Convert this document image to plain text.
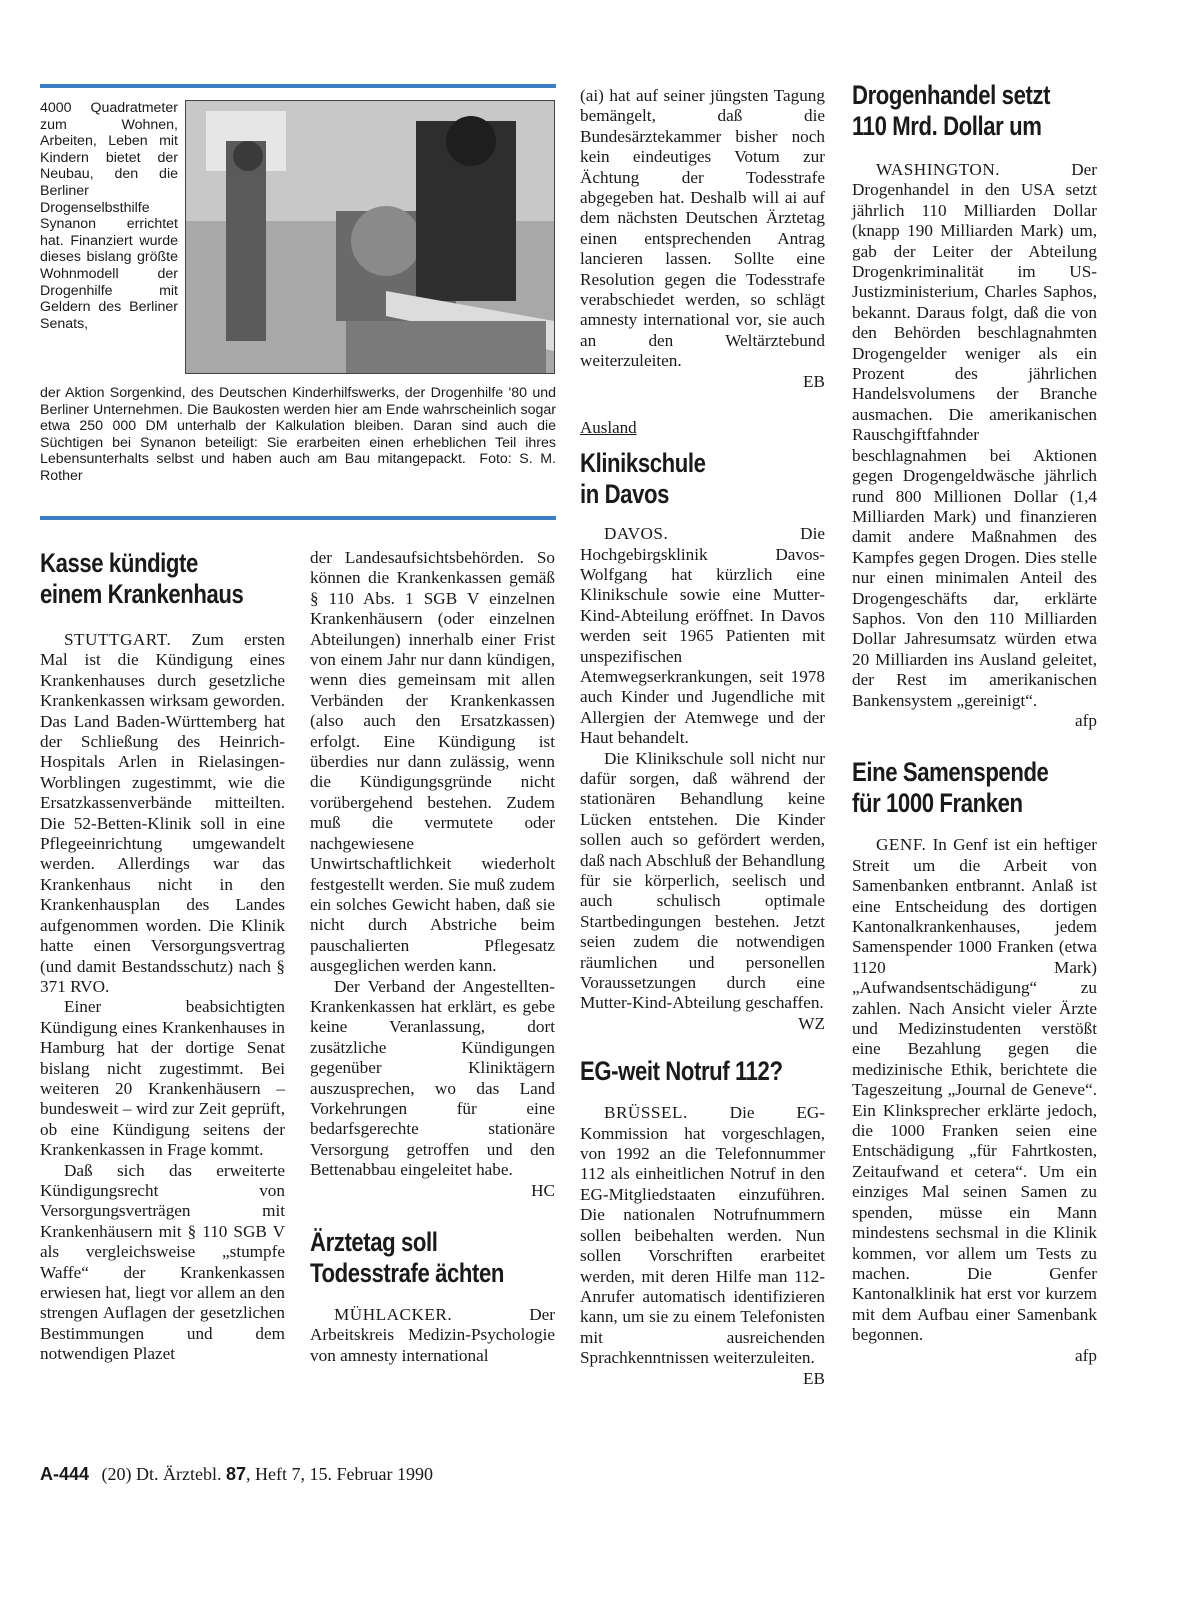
4000 Quadratmeter zum Wohnen, Arbeiten, Leben mit Kindern bietet der Neubau, den die Berliner Drogenselbsthilfe Synanon errichtet hat. Finanziert wurde dieses bislang größte Wohnmodell der Drogenhilfe mit Geldern des Berliner Senats,
der Aktion Sorgenkind, des Deutschen Kinderhilfswerks, der Drogenhilfe '80 und Berliner Unternehmen. Die Baukosten werden hier am Ende wahrscheinlich sogar etwa 250 000 DM unterhalb der Kalkulation bleiben. Daran sind auch die Süchtigen bei Synanon beteiligt: Sie erarbeiten einen erheblichen Teil ihres Lebensunterhalts selbst und haben auch am Bau mitangepackt. Foto: S. M. Rother
Kasse kündigte
einem Krankenhaus

STUTTGART. Zum ersten Mal ist die Kündigung eines Krankenhauses durch gesetzliche Krankenkassen wirksam geworden. Das Land Baden-Württemberg hat der Schließung des Heinrich-Hospitals Arlen in Rielasingen-Worblingen zugestimmt, wie die Ersatzkassenverbände mitteilten. Die 52-Betten-Klinik soll in eine Pflegeeinrichtung umgewandelt werden. Allerdings war das Krankenhaus nicht in den Krankenhausplan des Landes aufgenommen worden. Die Klinik hatte einen Versorgungsvertrag (und damit Bestandsschutz) nach § 371 RVO.

Einer beabsichtigten Kündigung eines Krankenhauses in Hamburg hat der dortige Senat bislang nicht zugestimmt. Bei weiteren 20 Krankenhäusern – bundesweit – wird zur Zeit geprüft, ob eine Kündigung seitens der Krankenkassen in Frage kommt.

Daß sich das erweiterte Kündigungsrecht von Versorgungsverträgen mit Krankenhäusern mit § 110 SGB V als vergleichsweise „stumpfe Waffe“ der Krankenkassen erwiesen hat, liegt vor allem an den strengen Auflagen der gesetzlichen Bestimmungen und dem notwendigen Plazet

der Landesaufsichtsbehörden. So können die Krankenkassen gemäß § 110 Abs. 1 SGB V einzelnen Krankenhäusern (oder einzelnen Abteilungen) innerhalb einer Frist von einem Jahr nur dann kündigen, wenn dies gemeinsam mit allen Verbänden der Krankenkassen (also auch den Ersatzkassen) erfolgt. Eine Kündigung ist überdies nur dann zulässig, wenn die Kündigungsgründe nicht vorübergehend bestehen. Zudem muß die vermutete oder nachgewiesene Unwirtschaftlichkeit wiederholt festgestellt werden. Sie muß zudem ein solches Gewicht haben, daß sie nicht durch Abstriche beim pauschalierten Pflegesatz ausgeglichen werden kann.

Der Verband der Angestellten-Krankenkassen hat erklärt, es gebe keine Veranlassung, dort zusätzliche Kündigungen gegenüber Kliniktägern auszusprechen, wo das Land Vorkehrungen für eine bedarfsgerechte stationäre Versorgung getroffen und den Bettenabbau eingeleitet habe.

HC
Ärztetag soll
Todesstrafe ächten

MÜHLACKER.	Der Arbeitskreis Medizin-Psychologie von amnesty international

(ai) hat auf seiner jüngsten Tagung bemängelt, daß die Bundesärztekammer bisher noch kein eindeutiges Votum zur Ächtung der Todesstrafe abgegeben hat. Deshalb will ai auf dem nächsten Deutschen Ärztetag einen entsprechenden Antrag lancieren lassen. Sollte eine Resolution gegen die Todesstrafe verabschiedet werden, so schlägt amnesty international vor, sie auch an den Weltärztebund weiterzuleiten.

EB
Ausland
Klinikschule
in Davos

DAVOS.	Die Hochgebirgsklinik Davos-Wolfgang hat kürzlich eine Klinikschule sowie eine Mutter-Kind-Abteilung eröffnet. In Davos werden seit 1965 Patienten mit unspezifischen Atemwegserkrankungen, seit 1978 auch Kinder und Jugendliche mit Allergien der Atemwege und der Haut behandelt.

Die Klinikschule soll nicht nur dafür sorgen, daß während der stationären Behandlung keine Lücken entstehen. Die Kinder sollen auch so gefördert werden, daß nach Abschluß der Behandlung für sie körperlich, seelisch und auch schulisch optimale Startbedingungen bestehen. Jetzt seien zudem die notwendigen räumlichen und personellen Voraussetzungen durch eine Mutter-Kind-Abteilung geschaffen.

WZ
EG-weit Notruf 112?

BRÜSSEL. Die EG-Kommission hat vorgeschlagen, von 1992 an die Telefonnummer 112 als einheitlichen Notruf in den EG-Mitgliedstaaten einzuführen. Die nationalen Notrufnummern sollen beibehalten werden. Nun sollen Vorschriften erarbeitet werden, mit deren Hilfe man 112-Anrufer automatisch identifizieren kann, um sie zu einem Telefonisten mit ausreichenden Sprachkenntnissen weiterzuleiten.

EB
Drogenhandel setzt
110 Mrd. Dollar um

WASHINGTON.	Der Drogenhandel in den USA setzt jährlich 110 Milliarden Dollar (knapp 190 Milliarden Mark) um, gab der Leiter der Abteilung Drogenkriminalität im US-Justizministerium, Charles Saphos, bekannt. Daraus folgt, daß die von den Behörden beschlagnahmten Drogengelder weniger als ein Prozent des jährlichen Handelsvolumens der Branche ausmachen. Die amerikanischen Rauschgiftfahnder beschlagnahmen bei Aktionen gegen Drogengeldwäsche jährlich rund 800 Millionen Dollar (1,4 Milliarden Mark) und finanzieren damit andere Maßnahmen des Kampfes gegen Drogen. Dies stelle nur einen minimalen Anteil des Drogengeschäfts dar, erklärte Saphos. Von den 110 Milliarden Dollar Jahresumsatz würden etwa 20 Milliarden ins Ausland geleitet, der Rest im amerikanischen Bankensystem „gereinigt“.

afp
Eine Samenspende
für 1000 Franken

GENF. In Genf ist ein heftiger Streit um die Arbeit von Samenbanken entbrannt. Anlaß ist eine Entscheidung des dortigen Kantonalkrankenhauses, jedem Samenspender 1000 Franken (etwa 1120 Mark) „Aufwandsentschädigung“ zu zahlen. Nach Ansicht vieler Ärzte und Medizinstudenten verstößt eine Bezahlung gegen die medizinische Ethik, berichtete die Tageszeitung „Journal de Geneve“. Ein Klinksprecher erklärte jedoch, die 1000 Franken seien eine Entschädigung „für Fahrtkosten, Zeitaufwand et cetera“. Um ein einziges Mal seinen Samen zu spenden, müsse ein Mann mindestens sechsmal in die Klinik kommen, vor allem um Tests zu machen. Die Genfer Kantonalklinik hat erst vor kurzem mit dem Aufbau einer Samenbank begonnen.

afp
A-444 (20) Dt. Ärztebl. 87, Heft 7, 15. Februar 1990
